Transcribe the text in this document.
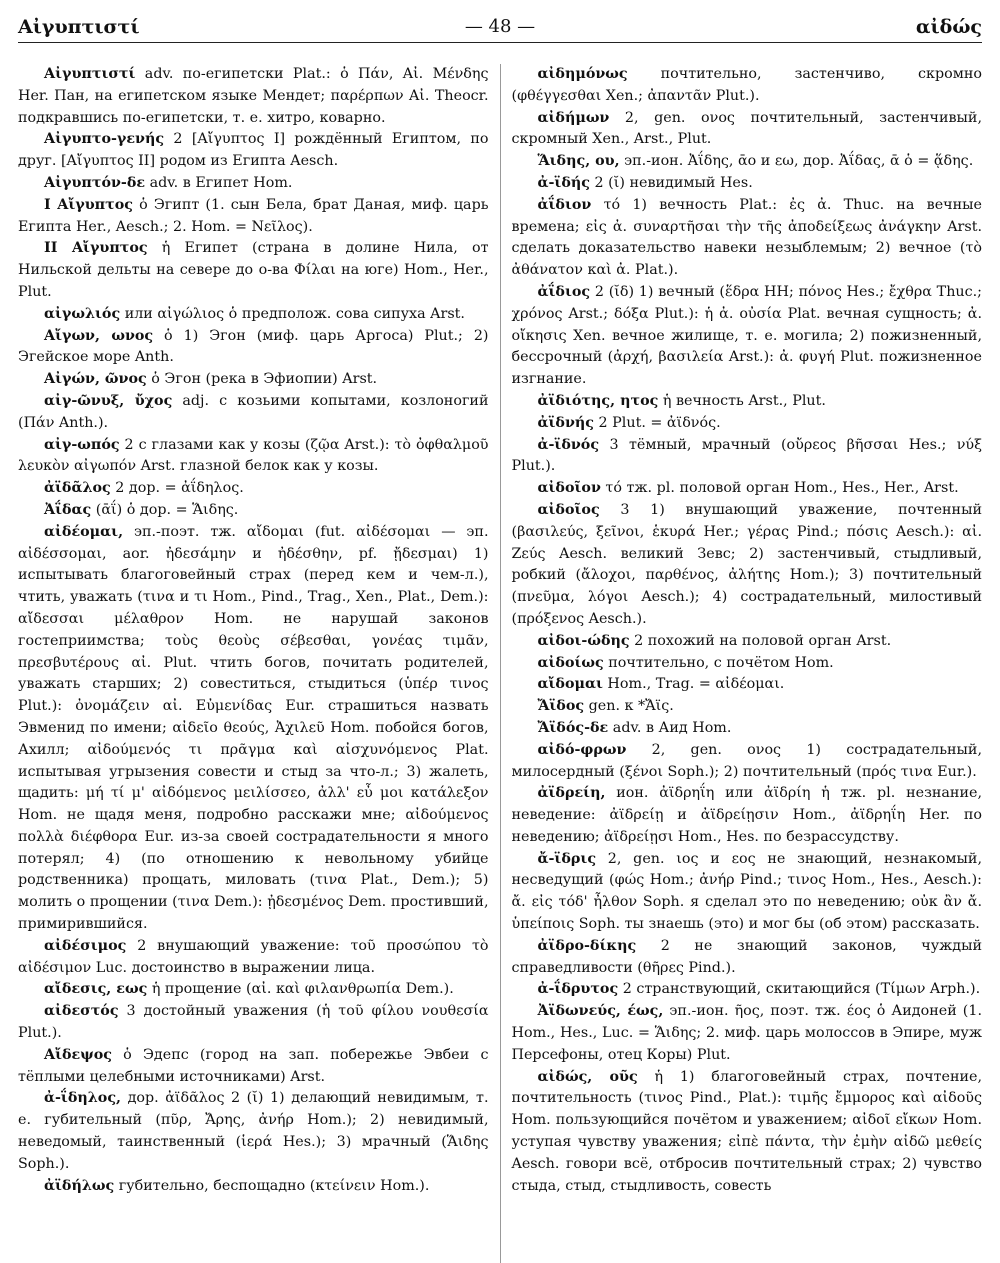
Αἰγυπτιστί	— 48 —	αἰδώς

Αἰγυπτιστί adv. по-египетски Plat.: ὁ Πάν, Αἰ. Μένδης Her. Пан, на египетском языке Мендет; παρέρπων Αἰ. Theocr. подкравшись по-египетски, т. е. хитро, коварно.

Αἰγυπτο-γενής 2 [Αἴγυπτος I] рождённый Египтом, по друг. [Αἴγυπτος II] родом из Египта Aesch.

Αἰγυπτόν-δε adv. в Египет Hom.

I Αἴγυπτος ὁ Эгипт (1. сын Бела, брат Даная, миф. царь Египта Her., Aesch.; 2. Hom. = Νεῖλος).

II Αἴγυπτος ἡ Египет (страна в долине Нила, от Нильской дельты на севере до о-ва Φίλαι на юге) Hom., Her., Plut.

αἰγωλιός или αἰγώλιος ὁ предполож. сова сипуха Arst.

Αἴγων, ωνος ὁ 1) Эгон (миф. царь Аргоса) Plut.; 2) Эгейское море Anth.

Αἰγών, ῶνος ὁ Эгон (река в Эфиопии) Arst.

αἰγ-ῶνυξ, ὔχος adj. с козьими копытами, козлоногий (Πάν Anth.).

αἰγ-ωπός 2 с глазами как у козы (ζῷα Arst.): τὸ ὀφθαλμοῦ λευκὸν αἰγωπόν Arst. глазной белок как у козы.

ἀϊδᾶλος 2 дор. = ἀΐδηλος.

Ἀΐδας (ᾱΐ) ὁ дор. = Ἅιδης.

αἰδέομαι, эп.-поэт. тж. αἴδομαι (fut. αἰδέσομαι — эп. αἰδέσσομαι, aor. ἠδεσάμην и ἠδέσθην, pf. ᾔδεσμαι) 1) испытывать благоговейный страх (перед кем и чем-л.), чтить, уважать (τινα и τι Hom., Pind., Trag., Xen., Plat., Dem.): αἴδεσσαι μέλαθρον Hom. не нарушай законов гостеприимства; τοὺς θεοὺς σέβεσθαι, γονέας τιμᾶν, πρεσβυτέρους αἰ. Plut. чтить богов, почитать родителей, уважать старших; 2) совеститься, стыдиться (ὑπέρ τινος Plut.): ὀνομάζειν αἰ. Εὐμενίδας Eur. страшиться назвать Эвменид по имени; αἰδεῖο θεούς, Ἀχιλεῦ Hom. побойся богов, Ахилл; αἰδούμενός τι πρᾶγμα καὶ αἰσχυνόμενος Plat. испытывая угрызения совести и стыд за что-л.; 3) жалеть, щадить: μή τί μ' αἰδόμενος μειλίσσεο, ἀλλ' εὖ μοι κατάλεξον Hom. не щадя меня, подробно расскажи мне; αἰδούμενος πολλὰ διέφθορα Eur. из-за своей сострадательности я много потерял; 4) (по отношению к невольному убийце родственника) прощать, миловать (τινα Plat., Dem.); 5) молить о прощении (τινα Dem.): ᾐδεσμένος Dem. простивший, примирившийся.

αἰδέσιμος 2 внушающий уважение: τοῦ προσώπου τὸ αἰδέσιμον Luc. достоинство в выражении лица.

αἴδεσις, εως ἡ прощение (αἰ. καὶ φιλανθρωπία Dem.).

αἰδεστός 3 достойный уважения (ἡ τοῦ φίλου νουθεσία Plut.).

Αἴδεψος ὁ Эдепс (город на зап. побережье Эвбеи с тёплыми целебными источниками) Arst.

ἀ-ΐδηλος, дор. ἀϊδᾶλος 2 (ῐ) 1) делающий невидимым, т. е. губительный (πῦρ, Ἄρης, ἀνήρ Hom.); 2) невидимый, неведомый, таинственный (ἱερά Hes.); 3) мрачный (Ἅιδης Soph.).

ἀϊδήλως губительно, беспощадно (κτείνειν Hom.).

αἰδημόνως почтительно, застенчиво, скромно (φθέγγεσθαι Xen.; ἀπαντᾶν Plut.).

αἰδήμων 2, gen. ονος почтительный, застенчивый, скромный Xen., Arst., Plut.

Ἅιδης, ου, эп.-ион. Ἀΐδης, ᾱο и εω, дор. Ἀΐδας, ᾱ ὁ = ᾅδης.

ἀ-ϊδής 2 (ῐ) невидимый Hes.

ἀΐδιον τό 1) вечность Plat.: ἐς ἀ. Thuc. на вечные времена; εἰς ἀ. συναρτῆσαι τὴν τῆς ἀποδείξεως ἀνάγκην Arst. сделать доказательство навеки незыблемым; 2) вечное (τὸ ἀθάνατον καὶ ἀ. Plat.).

ἀΐδιος 2 (ῐδ) 1) вечный (ἕδρα HH; πόνος Hes.; ἔχθρα Thuc.; χρόνος Arst.; δόξα Plut.): ἡ ἀ. οὐσία Plat. вечная сущность; ἀ. οἴκησις Xen. вечное жилище, т. е. могила; 2) пожизненный, бессрочный (ἀρχή, βασιλεία Arst.): ἀ. φυγή Plut. пожизненное изгнание.

ἀϊδιότης, ητος ἡ вечность Arst., Plut.

ἀϊδνής 2 Plut. = ἀϊδνός.

ἀ-ϊδνός 3 тёмный, мрачный (οὔρεος βῆσσαι Hes.; νύξ Plut.).

αἰδοῖον τό тж. pl. половой орган Hom., Hes., Her., Arst.

αἰδοῖος 3 1) внушающий уважение, почтенный (βασιλεύς, ξεῖνοι, ἑκυρά Her.; γέρας Pind.; πόσις Aesch.): αἰ. Ζεύς Aesch. великий Зевс; 2) застенчивый, стыдливый, робкий (ἄλοχοι, παρθένος, ἀλήτης Hom.); 3) почтительный (πνεῦμα, λόγοι Aesch.); 4) сострадательный, милостивый (πρόξενος Aesch.).

αἰδοι-ώδης 2 похожий на половой орган Arst.

αἰδοίως почтительно, с почётом Hom.

αἴδομαι Hom., Trag. = αἰδέομαι.

Ἄϊδος gen. к *Ἄϊς.

Ἄϊδός-δε adv. в Аид Hom.

αἰδό-φρων 2, gen. ονος 1) сострадательный, милосердный (ξένοι Soph.); 2) почтительный (πρός τινα Eur.).

ἀϊδρείη, ион. ἀϊδρηΐη или ἀϊδρίη ἡ тж. pl. незнание, неведение: ἀϊδρείῃ и ἀϊδρείῃσιν Hom., ἀϊδρηΐη Her. по неведению; ἀϊδρείῃσι Hom., Hes. по безрассудству.

ἄ-ϊδρις 2, gen. ιος и εος не знающий, незнакомый, несведущий (φώς Hom.; ἀνήρ Pind.; τινος Hom., Hes., Aesch.): ἄ. εἰς τόδ' ἦλθον Soph. я сделал это по неведению; οὐκ ἂν ἄ. ὑπείποις Soph. ты знаешь (это) и мог бы (об этом) рассказать.

ἀϊδρο-δίκης 2 не знающий законов, чуждый справедливости (θῆρες Pind.).

ἀ-ΐδρυτος 2 странствующий, скитающийся (Τίμων Arph.).

Ἀϊδωνεύς, έως, эп.-ион. ῆος, поэт. тж. έος ὁ Аидоней (1. Hom., Hes., Luc. = Ἅιδης; 2. миф. царь молоссов в Эпире, муж Персефоны, отец Коры) Plut.

αἰδώς, οῦς ἡ 1) благоговейный страх, почтение, почтительность (τινος Pind., Plat.): τιμῆς ἔμμορος καὶ αἰδοῦς Hom. пользующийся почётом и уважением; αἰδοῖ εἴκων Hom. уступая чувству уважения; εἰπὲ πάντα, τὴν ἐμὴν αἰδῶ μεθείς Aesch. говори всё, отбросив почтительный страх; 2) чувство стыда, стыд, стыдливость, совесть
